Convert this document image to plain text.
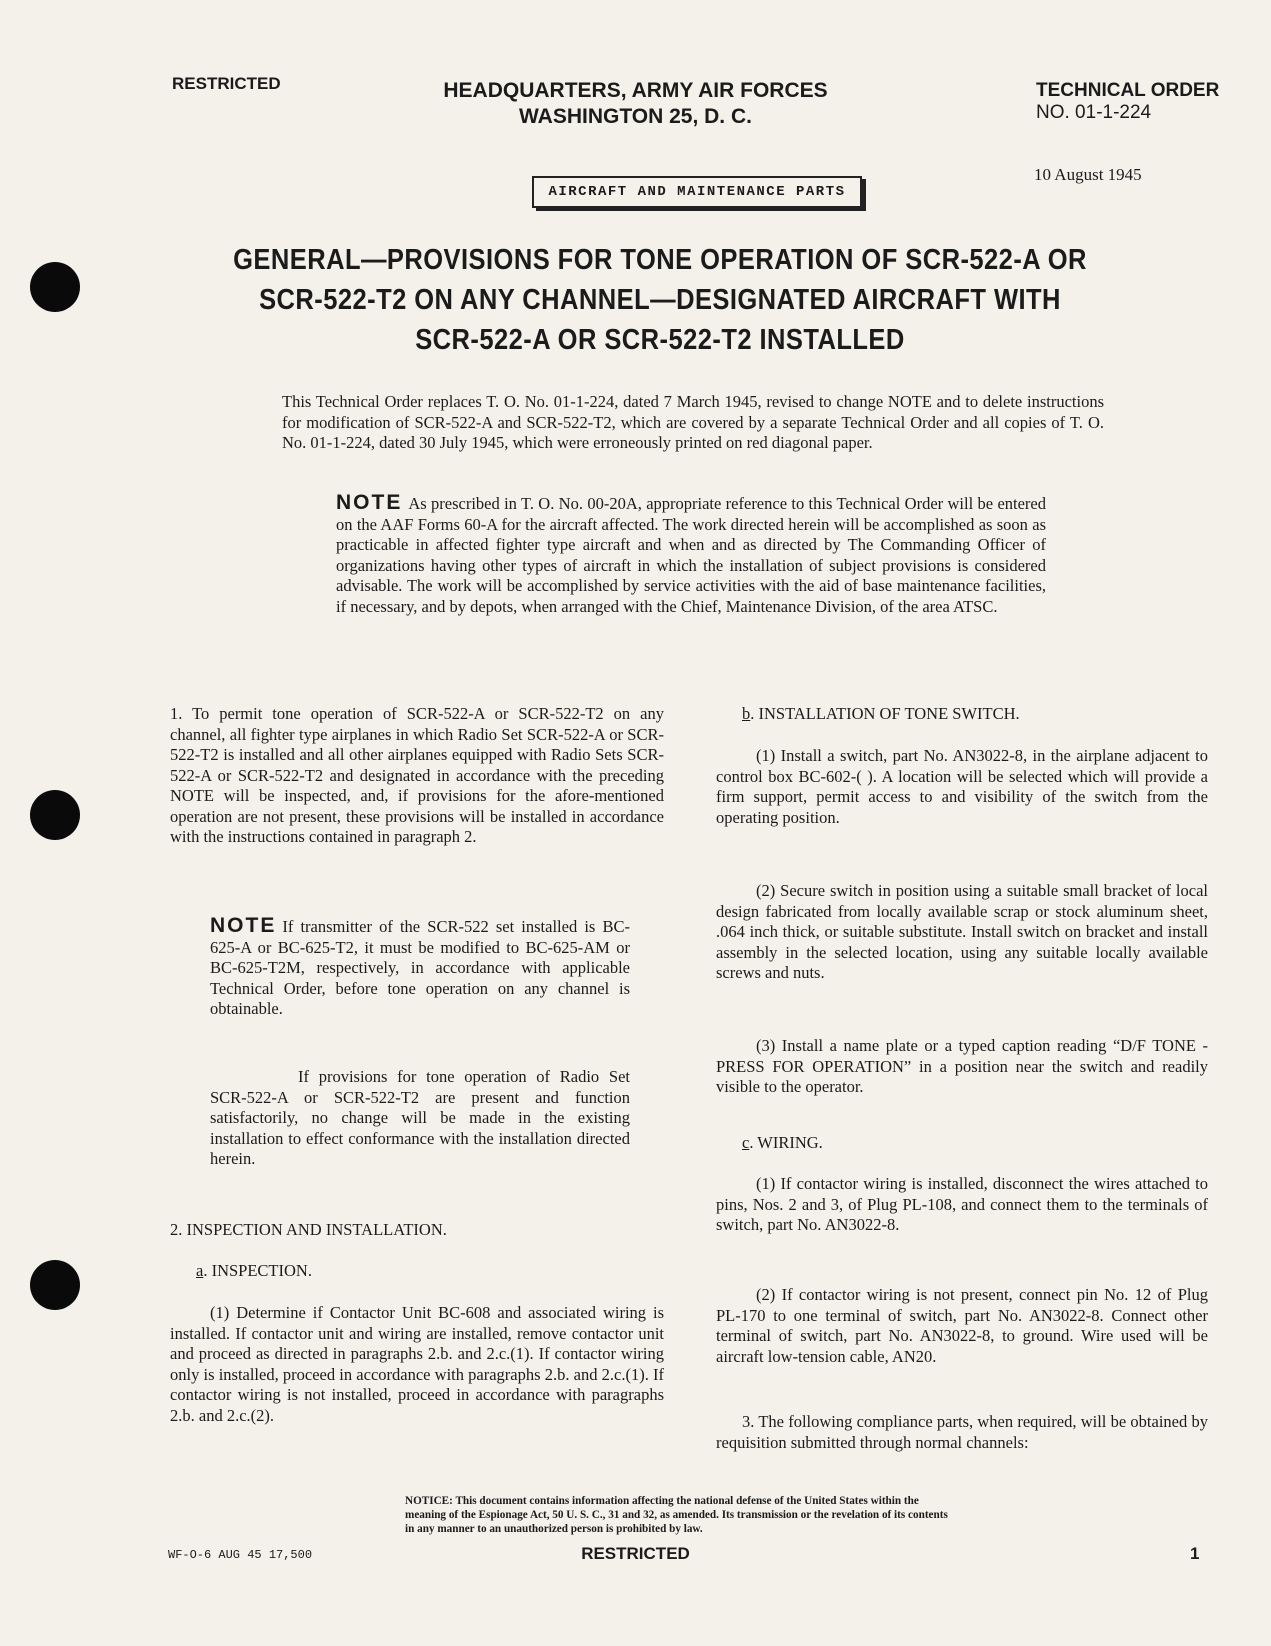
RESTRICTED	HEADQUARTERS, ARMY AIR FORCES
WASHINGTON 25, D. C.
TECHNICAL ORDER
NO. 01-1-224
10 August 1945
AIRCRAFT AND MAINTENANCE PARTS
GENERAL—PROVISIONS FOR TONE OPERATION OF SCR-522-A OR
SCR-522-T2 ON ANY CHANNEL—DESIGNATED AIRCRAFT WITH
SCR-522-A OR SCR-522-T2 INSTALLED
This Technical Order replaces T. O. No. 01-1-224, dated 7 March 1945, revised to change NOTE and to delete instructions for modification of SCR-522-A and SCR-522-T2, which are covered by a separate Technical Order and all copies of T. O. No. 01-1-224, dated 30 July 1945, which were erroneously printed on red diagonal paper.
NOTE As prescribed in T. O. No. 00-20A, appropriate reference to this Technical Order will be entered on the AAF Forms 60-A for the aircraft affected. The work directed herein will be accomplished as soon as practicable in affected fighter type aircraft and when and as directed by The Commanding Officer of organizations having other types of aircraft in which the installation of subject provisions is considered advisable. The work will be accomplished by service activities with the aid of base maintenance facilities, if necessary, and by depots, when arranged with the Chief, Maintenance Division, of the area ATSC.
1. To permit tone operation of SCR-522-A or SCR-522-T2 on any channel, all fighter type airplanes in which Radio Set SCR-522-A or SCR-522-T2 is installed and all other airplanes equipped with Radio Sets SCR-522-A or SCR-522-T2 and designated in accordance with the preceding NOTE will be inspected, and, if provisions for the afore-mentioned operation are not present, these provisions will be installed in accordance with the instructions contained in paragraph 2.
NOTE If transmitter of the SCR-522 set installed is BC-625-A or BC-625-T2, it must be modified to BC-625-AM or BC-625-T2M, respectively, in accordance with applicable Technical Order, before tone operation on any channel is obtainable.
If provisions for tone operation of Radio Set SCR-522-A or SCR-522-T2 are present and function satisfactorily, no change will be made in the existing installation to effect conformance with the installation directed herein.
2. INSPECTION AND INSTALLATION.
a. INSPECTION.
(1) Determine if Contactor Unit BC-608 and associated wiring is installed. If contactor unit and wiring are installed, remove contactor unit and proceed as directed in paragraphs 2.b. and 2.c.(1). If contactor wiring only is installed, proceed in accordance with paragraphs 2.b. and 2.c.(1). If contactor wiring is not installed, proceed in accordance with paragraphs 2.b. and 2.c.(2).
b. INSTALLATION OF TONE SWITCH.
(1) Install a switch, part No. AN3022-8, in the airplane adjacent to control box BC-602-( ). A location will be selected which will provide a firm support, permit access to and visibility of the switch from the operating position.
(2) Secure switch in position using a suitable small bracket of local design fabricated from locally available scrap or stock aluminum sheet, .064 inch thick, or suitable substitute. Install switch on bracket and install assembly in the selected location, using any suitable locally available screws and nuts.
(3) Install a name plate or a typed caption reading “D/F TONE - PRESS FOR OPERATION” in a position near the switch and readily visible to the operator.
c. WIRING.
(1) If contactor wiring is installed, disconnect the wires attached to pins, Nos. 2 and 3, of Plug PL-108, and connect them to the terminals of switch, part No. AN3022-8.
(2) If contactor wiring is not present, connect pin No. 12 of Plug PL-170 to one terminal of switch, part No. AN3022-8. Connect other terminal of switch, part No. AN3022-8, to ground. Wire used will be aircraft low-tension cable, AN20.
3. The following compliance parts, when required, will be obtained by requisition submitted through normal channels:
NOTICE: This document contains information affecting the national defense of the United States within the meaning of the Espionage Act, 50 U. S. C., 31 and 32, as amended. Its transmission or the revelation of its contents in any manner to an unauthorized person is prohibited by law.
WF-O-6 AUG 45 17,500	RESTRICTED	1
